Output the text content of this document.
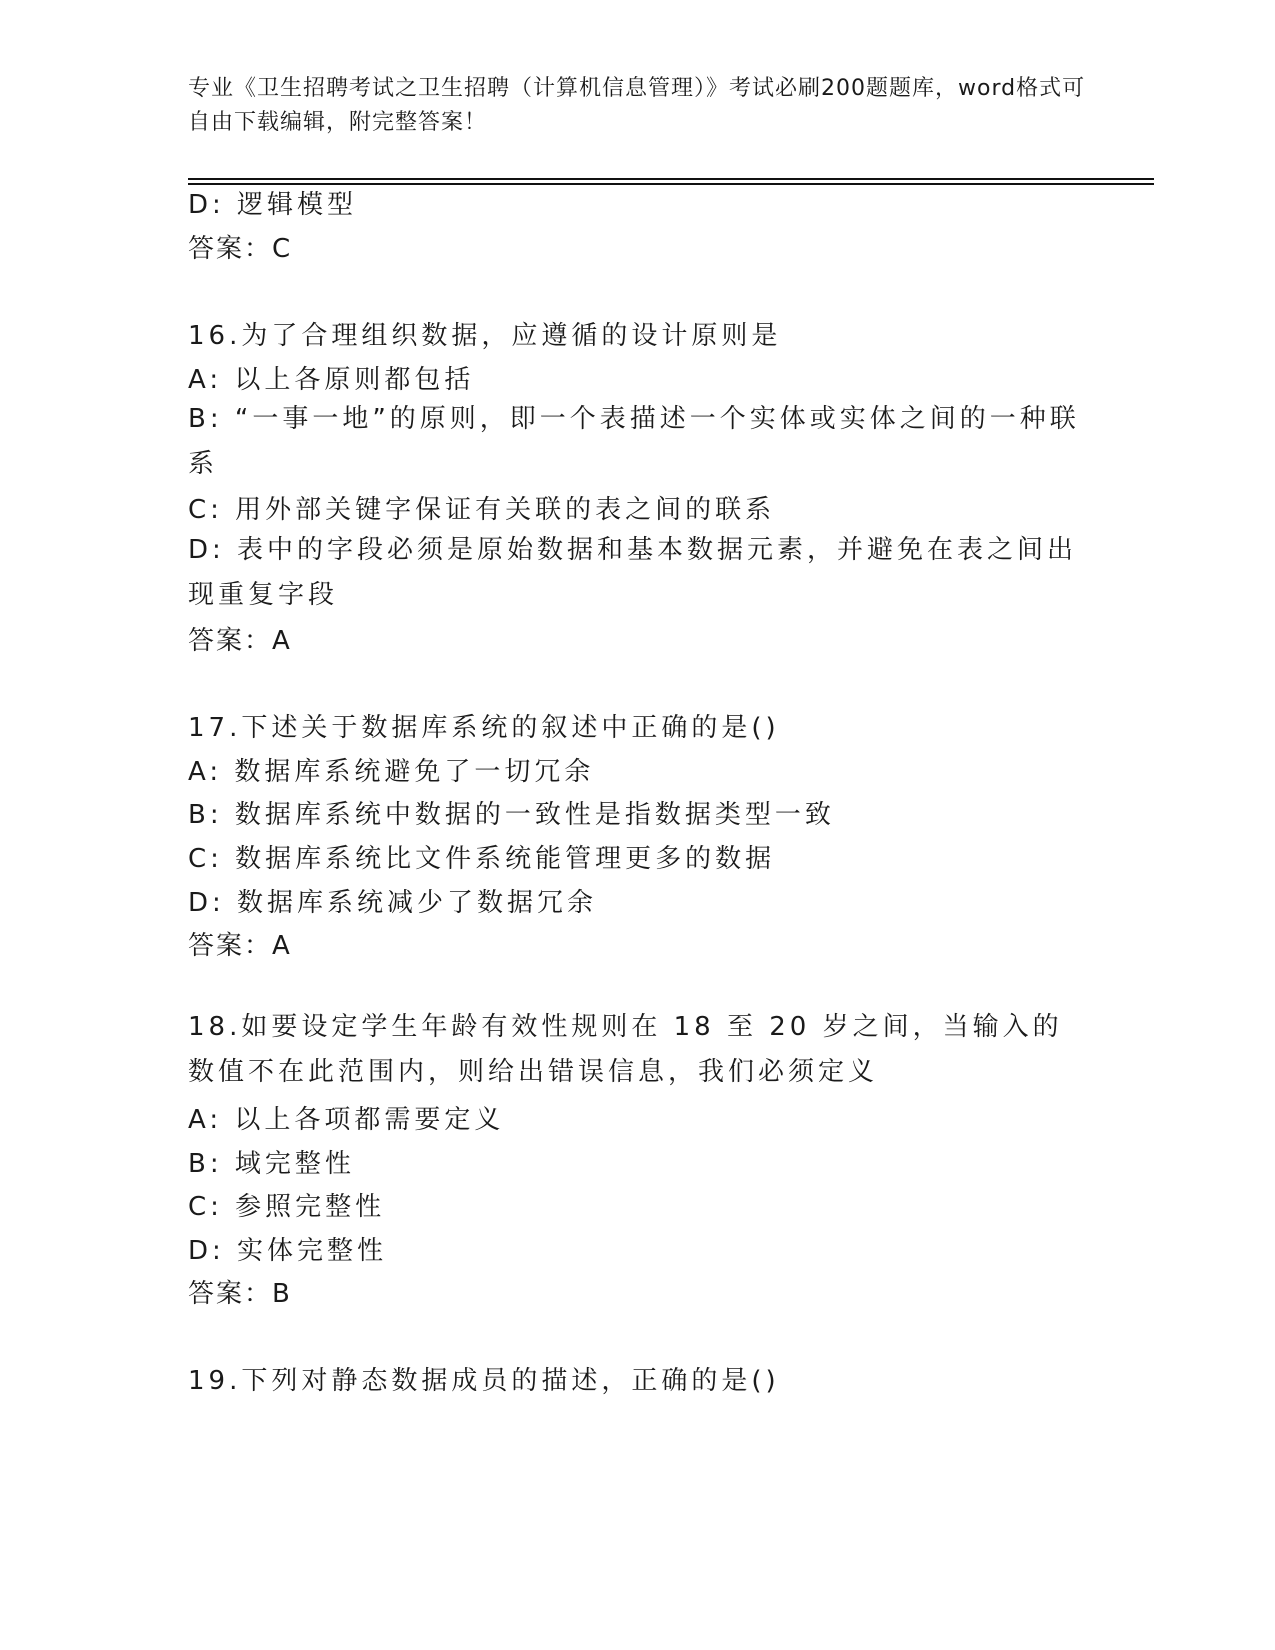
专业《卫生招聘考试之卫生招聘（计算机信息管理）》考试必刷200题题库，word格式可自由下载编辑，附完整答案！
D: 逻辑模型
答案：C
16.为了合理组织数据，应遵循的设计原则是
A: 以上各原则都包括
B: “一事一地”的原则，即一个表描述一个实体或实体之间的一种联系
C: 用外部关键字保证有关联的表之间的联系
D: 表中的字段必须是原始数据和基本数据元素，并避免在表之间出现重复字段
答案：A
17.下述关于数据库系统的叙述中正确的是()
A: 数据库系统避免了一切冗余
B: 数据库系统中数据的一致性是指数据类型一致
C: 数据库系统比文件系统能管理更多的数据
D: 数据库系统减少了数据冗余
答案：A
18.如要设定学生年龄有效性规则在 18 至 20 岁之间，当输入的数值不在此范围内，则给出错误信息，我们必须定义
A: 以上各项都需要定义
B: 域完整性
C: 参照完整性
D: 实体完整性
答案：B
19.下列对静态数据成员的描述，正确的是()
